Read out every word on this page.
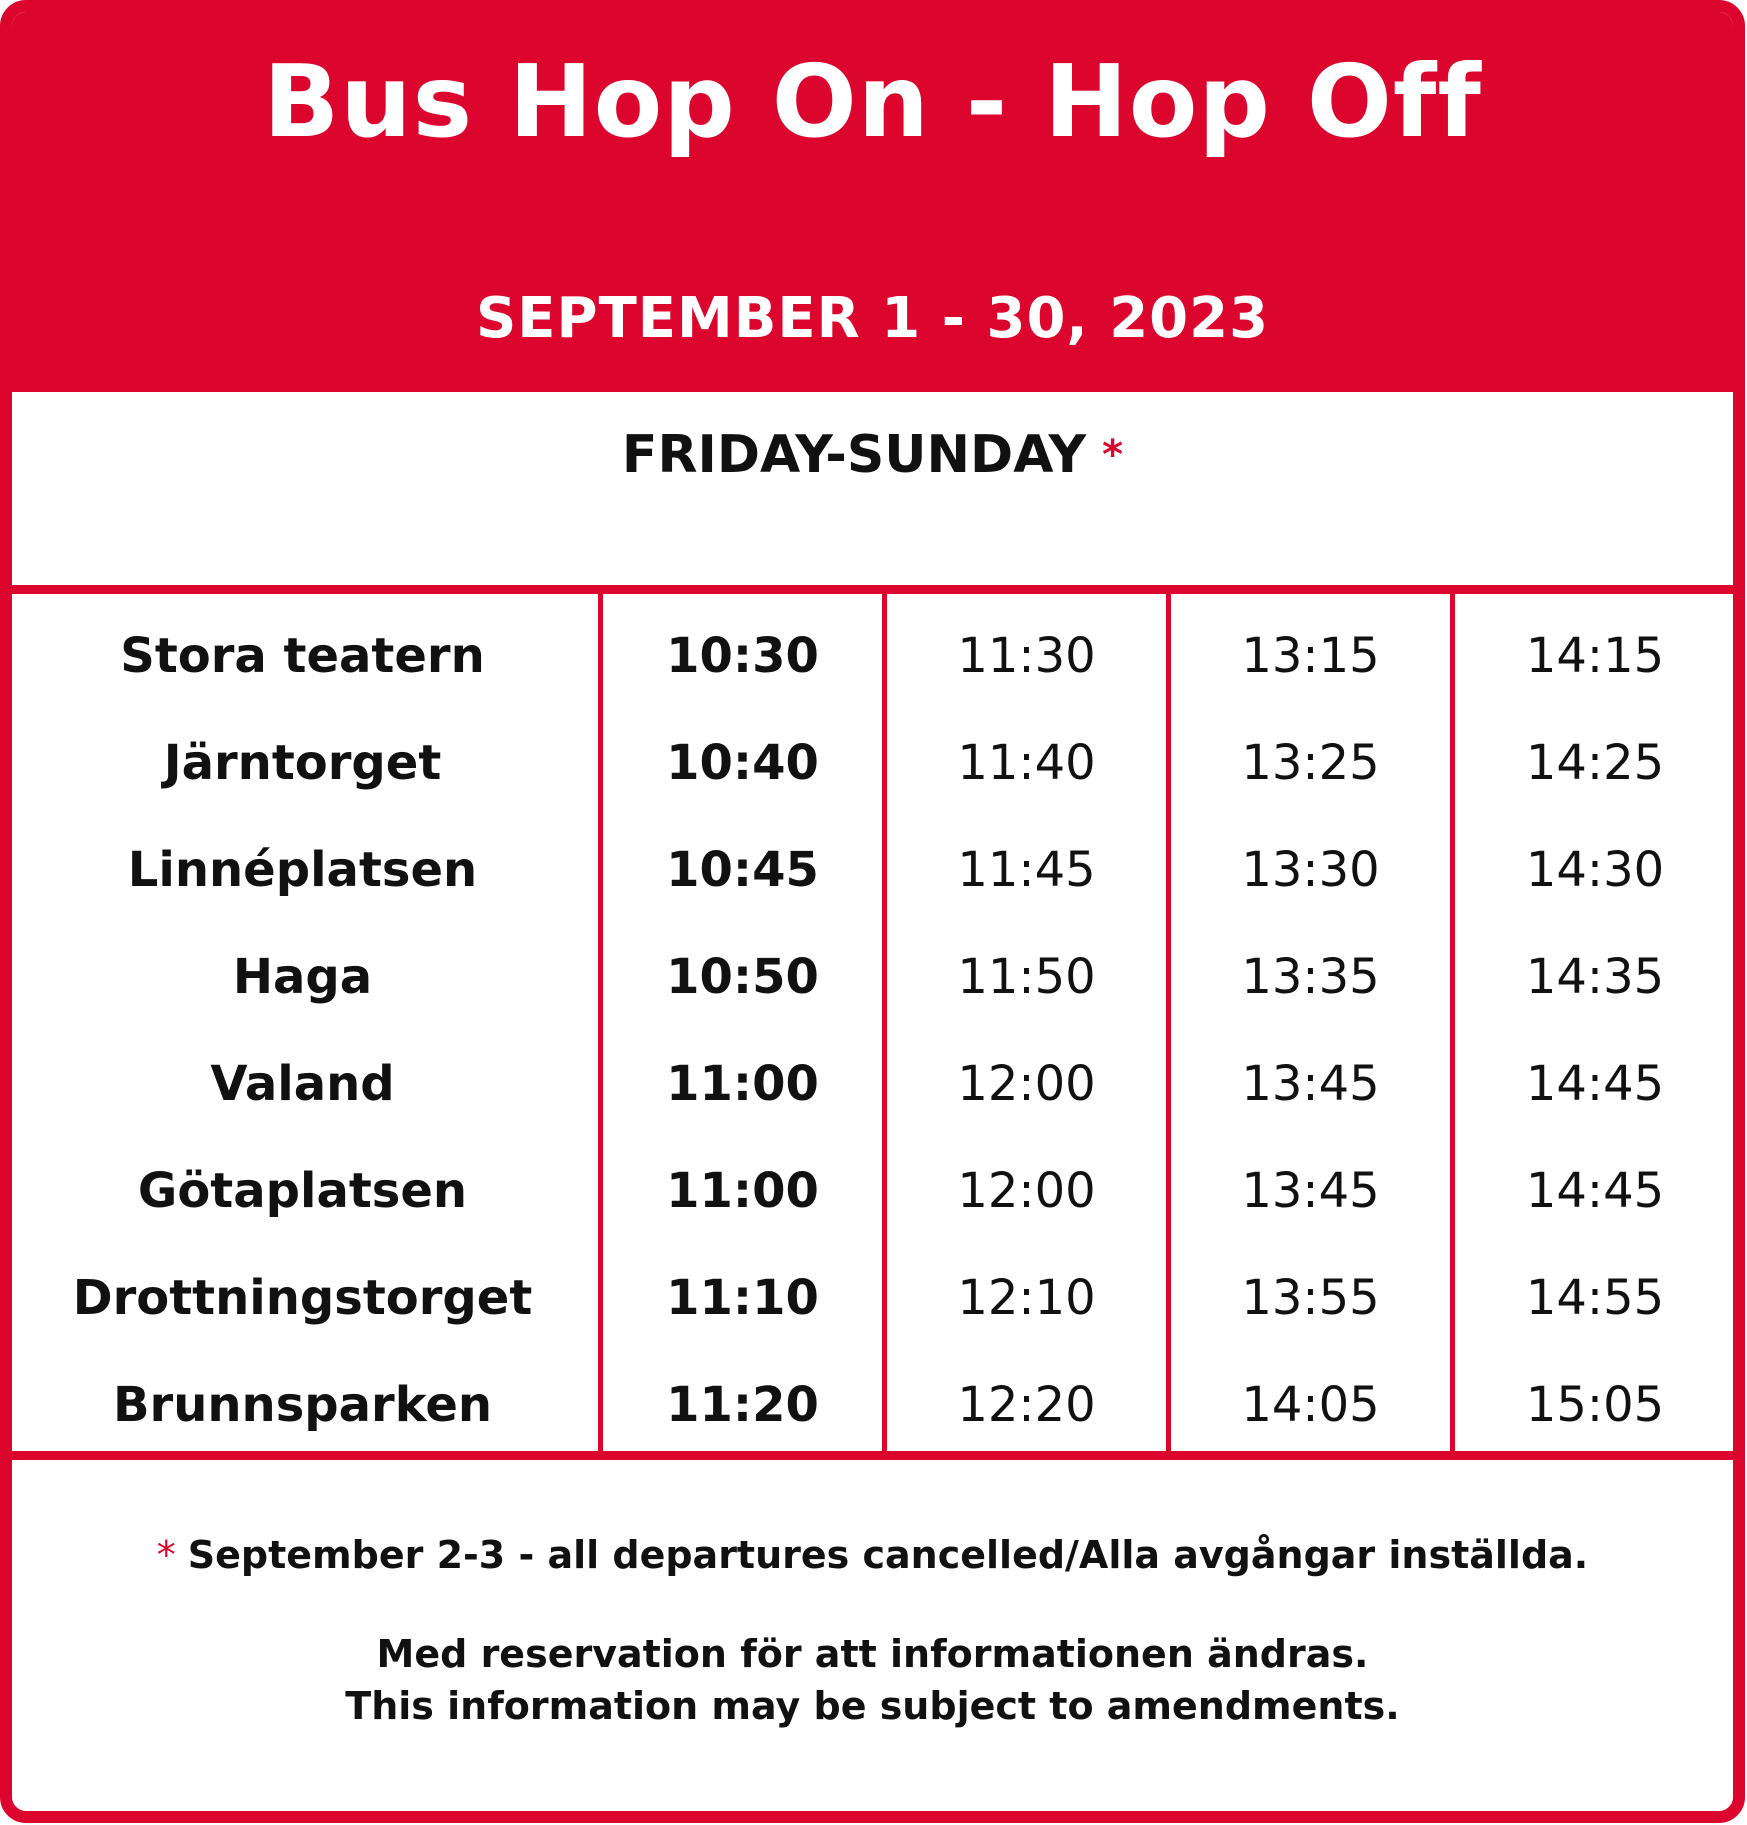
Bus Hop On - Hop Off
SEPTEMBER 1 - 30, 2023
FRIDAY-SUNDAY *
Stora teatern	10:30	11:30	13:15	14:15
Järntorget	10:40	11:40	13:25	14:25
Linnéplatsen	10:45	11:45	13:30	14:30
Haga	10:50	11:50	13:35	14:35
Valand	11:00	12:00	13:45	14:45
Götaplatsen	11:00	12:00	13:45	14:45
Drottningstorget	11:10	12:10	13:55	14:55
Brunnsparken	11:20	12:20	14:05	15:05
* September 2-3 - all departures cancelled/Alla avgångar inställda.
Med reservation för att informationen ändras.
This information may be subject to amendments.
